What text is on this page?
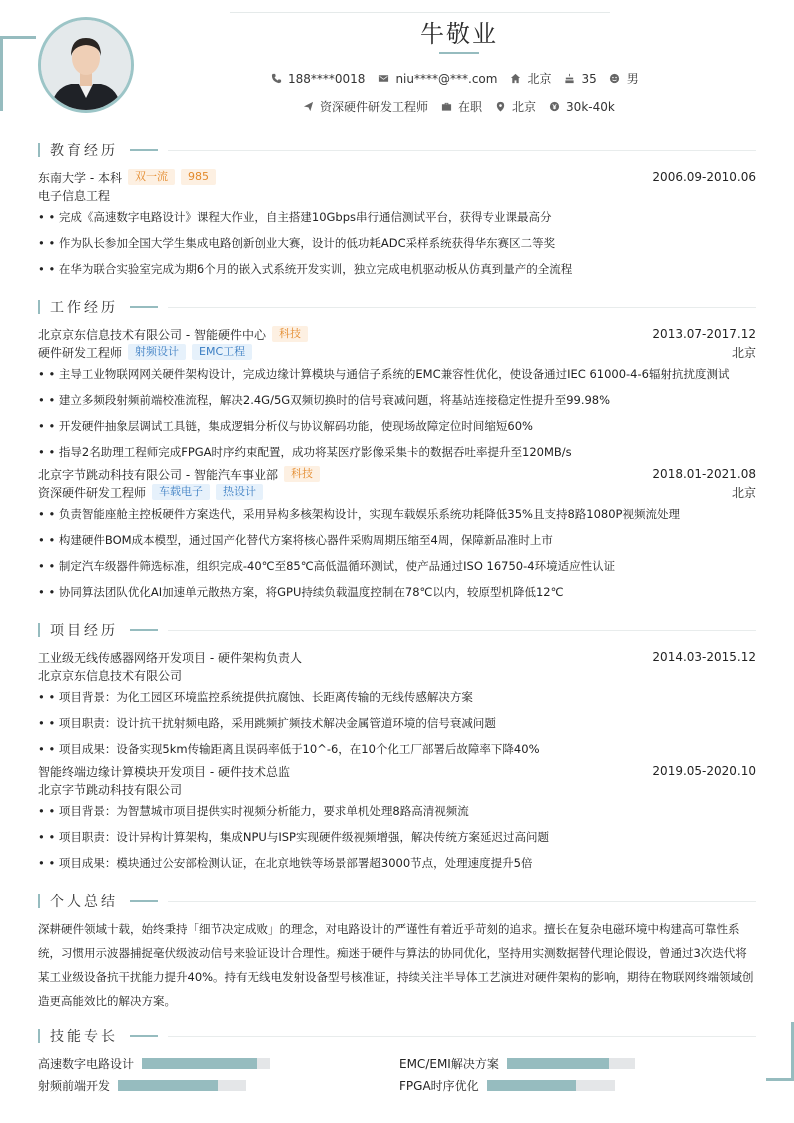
牛敬业
188****0018	niu****@***.com	北京	35	男
资深硬件研发工程师	在职	北京	30k-40k
教育经历
东南大学 - 本科	双一流	985	2006.09-2010.06
电子信息工程
• • 完成《高速数字电路设计》课程大作业，自主搭建10Gbps串行通信测试平台，获得专业课最高分
• • 作为队长参加全国大学生集成电路创新创业大赛，设计的低功耗ADC采样系统获得华东赛区二等奖
• • 在华为联合实验室完成为期6个月的嵌入式系统开发实训，独立完成电机驱动板从仿真到量产的全流程
工作经历
北京京东信息技术有限公司 - 智能硬件中心	科技	2013.07-2017.12
硬件研发工程师	射频设计	EMC工程	北京
• • 主导工业物联网网关硬件架构设计，完成边缘计算模块与通信子系统的EMC兼容性优化，使设备通过IEC 61000-4-6辐射抗扰度测试
• • 建立多频段射频前端校准流程，解决2.4G/5G双频切换时的信号衰减问题，将基站连接稳定性提升至99.98%
• • 开发硬件抽象层调试工具链，集成逻辑分析仪与协议解码功能，使现场故障定位时间缩短60%
• • 指导2名助理工程师完成FPGA时序约束配置，成功将某医疗影像采集卡的数据吞吐率提升至120MB/s
北京字节跳动科技有限公司 - 智能汽车事业部	科技	2018.01-2021.08
资深硬件研发工程师	车载电子	热设计	北京
• • 负责智能座舱主控板硬件方案迭代，采用异构多核架构设计，实现车载娱乐系统功耗降低35%且支持8路1080P视频流处理
• • 构建硬件BOM成本模型，通过国产化替代方案将核心器件采购周期压缩至4周，保障新品准时上市
• • 制定汽车级器件筛选标准，组织完成-40℃至85℃高低温循环测试，使产品通过ISO 16750-4环境适应性认证
• • 协同算法团队优化AI加速单元散热方案，将GPU持续负载温度控制在78℃以内，较原型机降低12℃
项目经历
工业级无线传感器网络开发项目 - 硬件架构负责人	2014.03-2015.12
北京京东信息技术有限公司
• • 项目背景：为化工园区环境监控系统提供抗腐蚀、长距离传输的无线传感解决方案
• • 项目职责：设计抗干扰射频电路，采用跳频扩频技术解决金属管道环境的信号衰减问题
• • 项目成果：设备实现5km传输距离且误码率低于10^-6，在10个化工厂部署后故障率下降40%
智能终端边缘计算模块开发项目 - 硬件技术总监	2019.05-2020.10
北京字节跳动科技有限公司
• • 项目背景：为智慧城市项目提供实时视频分析能力，要求单机处理8路高清视频流
• • 项目职责：设计异构计算架构，集成NPU与ISP实现硬件级视频增强，解决传统方案延迟过高问题
• • 项目成果：模块通过公安部检测认证，在北京地铁等场景部署超3000节点，处理速度提升5倍
个人总结
深耕硬件领域十载，始终秉持「细节决定成败」的理念，对电路设计的严谨性有着近乎苛刻的追求。擅长在复杂电磁环境中构建高可靠性系统，习惯用示波器捕捉毫伏级波动信号来验证设计合理性。痴迷于硬件与算法的协同优化，坚持用实测数据替代理论假设，曾通过3次迭代将某工业级设备抗干扰能力提升40%。持有无线电发射设备型号核准证，持续关注半导体工艺演进对硬件架构的影响，期待在物联网终端领域创造更高能效比的解决方案。
技能专长
高速数字电路设计	EMC/EMI解决方案
射频前端开发	FPGA时序优化
